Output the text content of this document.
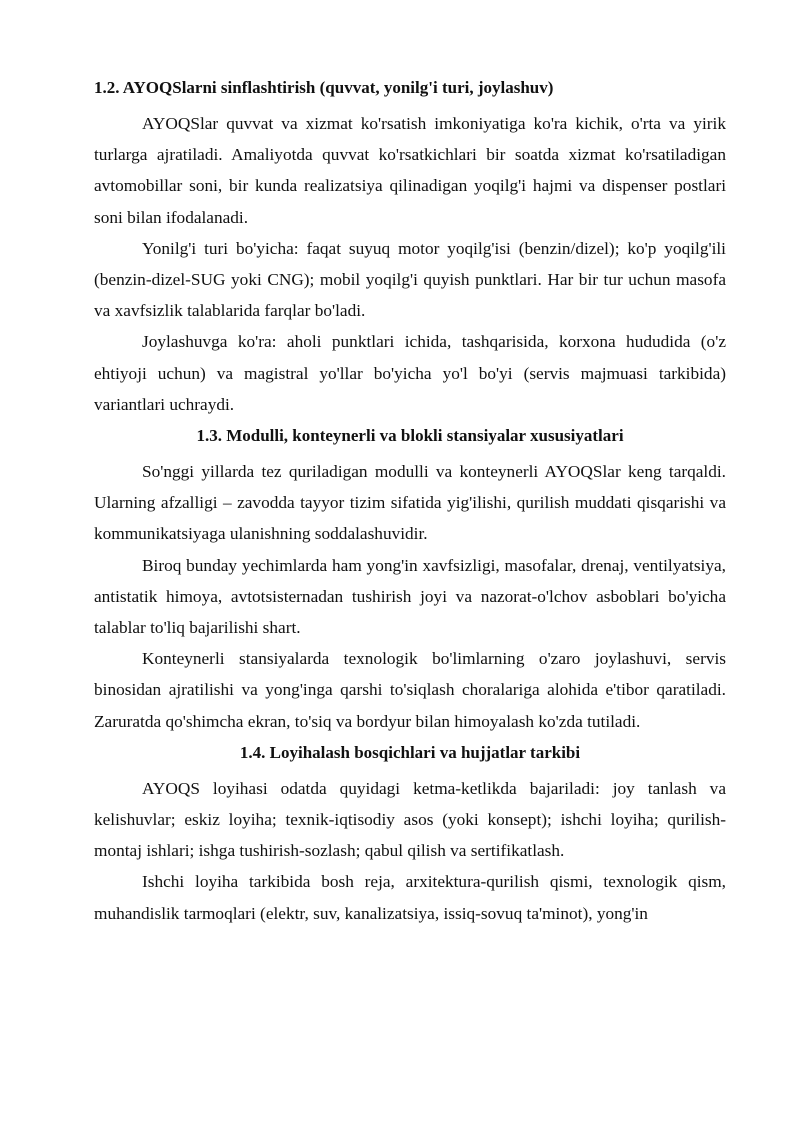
1.2. AYOQSlarni sinflashtirish (quvvat, yonilg'i turi, joylashuv)

AYOQSlar quvvat va xizmat ko'rsatish imkoniyatiga ko'ra kichik, o'rta va yirik turlarga ajratiladi. Amaliyotda quvvat ko'rsatkichlari bir soatda xizmat ko'rsatiladigan avtomobillar soni, bir kunda realizatsiya qilinadigan yoqilg'i hajmi va dispenser postlari soni bilan ifodalanadi.

Yonilg'i turi bo'yicha: faqat suyuq motor yoqilg'isi (benzin/dizel); ko'p yoqilg'ili (benzin-dizel-SUG yoki CNG); mobil yoqilg'i quyish punktlari. Har bir tur uchun masofa va xavfsizlik talablarida farqlar bo'ladi.

Joylashuvga ko'ra: aholi punktlari ichida, tashqarisida, korxona hududida (o'z ehtiyoji uchun) va magistral yo'llar bo'yicha yo'l bo'yi (servis majmuasi tarkibida) variantlari uchraydi.

1.3. Modulli, konteynerli va blokli stansiyalar xususiyatlari

So'nggi yillarda tez quriladigan modulli va konteynerli AYOQSlar keng tarqaldi. Ularning afzalligi – zavodda tayyor tizim sifatida yig'ilishi, qurilish muddati qisqarishi va kommunikatsiyaga ulanishning soddalashuvidir.

Biroq bunday yechimlarda ham yong'in xavfsizligi, masofalar, drenaj, ventilyatsiya, antistatik himoya, avtotsisternadan tushirish joyi va nazorat-o'lchov asboblari bo'yicha talablar to'liq bajarilishi shart.

Konteynerli stansiyalarda texnologik bo'limlarning o'zaro joylashuvi, servis binosidan ajratilishi va yong'inga qarshi to'siqlash choralariga alohida e'tibor qaratiladi. Zaruratda qo'shimcha ekran, to'siq va bordyur bilan himoyalash ko'zda tutiladi.

1.4. Loyihalash bosqichlari va hujjatlar tarkibi

AYOQS loyihasi odatda quyidagi ketma-ketlikda bajariladi: joy tanlash va kelishuvlar; eskiz loyiha; texnik-iqtisodiy asos (yoki konsept); ishchi loyiha; qurilish-montaj ishlari; ishga tushirish-sozlash; qabul qilish va sertifikatlash.

Ishchi loyiha tarkibida bosh reja, arxitektura-qurilish qismi, texnologik qism, muhandislik tarmoqlari (elektr, suv, kanalizatsiya, issiq-sovuq ta'minot), yong'in
